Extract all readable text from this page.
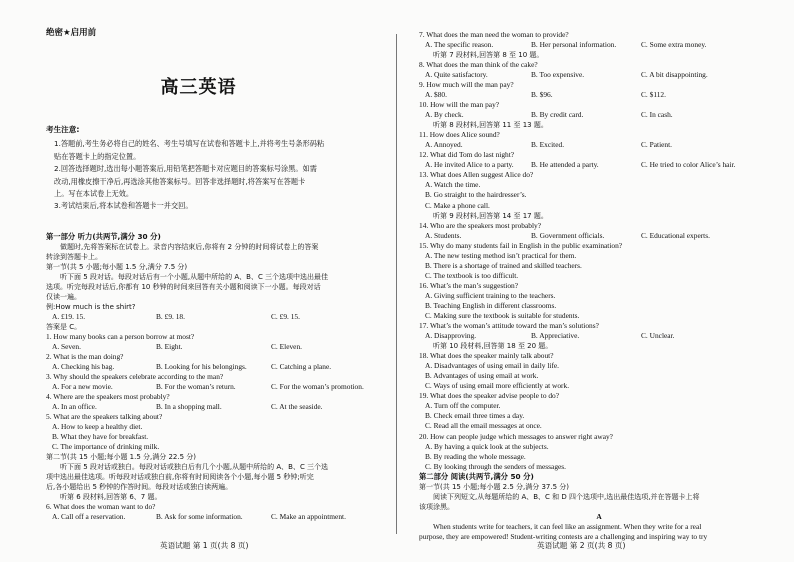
绝密★启用前
高三英语
考生注意:

1.答题前,考生务必将自己的姓名、考生号填写在试卷和答题卡上,并将考生号条形码粘

贴在答题卡上的指定位置。

2.回答选择题时,选出每小题答案后,用铅笔把答题卡对应题目的答案标号涂黑。如需

改动,用橡皮擦干净后,再选涂其他答案标号。回答非选择题时,将答案写在答题卡

上。写在本试卷上无效。

3.考试结束后,将本试卷和答题卡一并交回。

第一部分 听力(共两节,满分 30 分)
做题时,先将答案标在试卷上。录音内容结束后,你将有 2 分钟的时间将试卷上的答案
转涂到答题卡上。
第一节(共 5 小题;每小题 1.5 分,满分 7.5 分)
听下面 5 段对话。每段对话后有一个小题,从题中所给的 A、B、C 三个选项中选出最佳
选项。听完每段对话后,你都有 10 秒钟的时间来回答有关小题和阅读下一小题。每段对话
仅读一遍。
例:How much is the shirt?
A. £19. 15.	B. £9. 18.	C. £9. 15.
答案是 C。
1. How many books can a person borrow at most?
A. Seven.	B. Eight.	C. Eleven.
2. What is the man doing?
A. Checking his bag.	B. Looking for his belongings.	C. Catching a plane.
3. Why should the speakers celebrate according to the man?
A. For a new movie.	B. For the woman’s return.	C. For the woman’s promotion.
4. Where are the speakers most probably?
A. In an office.	B. In a shopping mall.	C. At the seaside.
5. What are the speakers talking about?
A. How to keep a healthy diet.
B. What they have for breakfast.
C. The importance of drinking milk.
第二节(共 15 小题;每小题 1.5 分,满分 22.5 分)
听下面 5 段对话或独白。每段对话或独白后有几个小题,从题中所给的 A、B、C 三个选
项中选出最佳选项。听每段对话或独白前,你将有时间阅读各个小题,每小题 5 秒钟;听完
后,各小题给出 5 秒钟的作答时间。每段对话或独白读两遍。
听第 6 段材料,回答第 6、7 题。
6. What does the woman want to do?
A. Call off a reservation.	B. Ask for some information.	C. Make an appointment.
英语试题 第 1 页(共 8 页)
7. What does the man need the woman to provide?
A. The specific reason.	B. Her personal information.	C. Some extra money.
听第 7 段材料,回答第 8 至 10 题。
8. What does the man think of the cake?
A. Quite satisfactory.	B. Too expensive.	C. A bit disappointing.
9. How much will the man pay?
A. $80.	B. $96.	C. $112.
10. How will the man pay?
A. By check.	B. By credit card.	C. In cash.
听第 8 段材料,回答第 11 至 13 题。
11. How does Alice sound?
A. Annoyed.	B. Excited.	C. Patient.
12. What did Tom do last night?
A. He invited Alice to a party. B. He attended a party.	C. He tried to color Alice’s hair.
13. What does Allen suggest Alice do?
A. Watch the time.
B. Go straight to the hairdresser’s.
C. Make a phone call.
听第 9 段材料,回答第 14 至 17 题。
14. Who are the speakers most probably?
A. Students.	B. Government officials.	C. Educational experts.
15. Why do many students fail in English in the public examination?
A. The new testing method isn’t practical for them.
B. There is a shortage of trained and skilled teachers.
C. The textbook is too difficult.
16. What’s the man’s suggestion?
A. Giving sufficient training to the teachers.
B. Teaching English in different classrooms.
C. Making sure the textbook is suitable for students.
17. What’s the woman’s attitude toward the man’s solutions?
A. Disapproving.	B. Appreciative.	C. Unclear.
听第 10 段材料,回答第 18 至 20 题。
18. What does the speaker mainly talk about?
A. Disadvantages of using email in daily life.
B. Advantages of using email at work.
C. Ways of using email more efficiently at work.
19. What does the speaker advise people to do?
A. Turn off the computer.
B. Check email three times a day.
C. Read all the email messages at once.
20. How can people judge which messages to answer right away?
A. By having a quick look at the subjects.
B. By reading the whole message.
C. By looking through the senders of messages.
第二部分 阅读(共两节,满分 50 分)
第一节(共 15 小题;每小题 2.5 分,满分 37.5 分)
阅读下列短文,从每题所给的 A、B、C 和 D 四个选项中,选出最佳选项,并在答题卡上将
该项涂黑。
A
When students write for teachers, it can feel like an assignment. When they write for a real
purpose, they are empowered! Student-writing contests are a challenging and inspiring way to try
英语试题 第 2 页(共 8 页)
